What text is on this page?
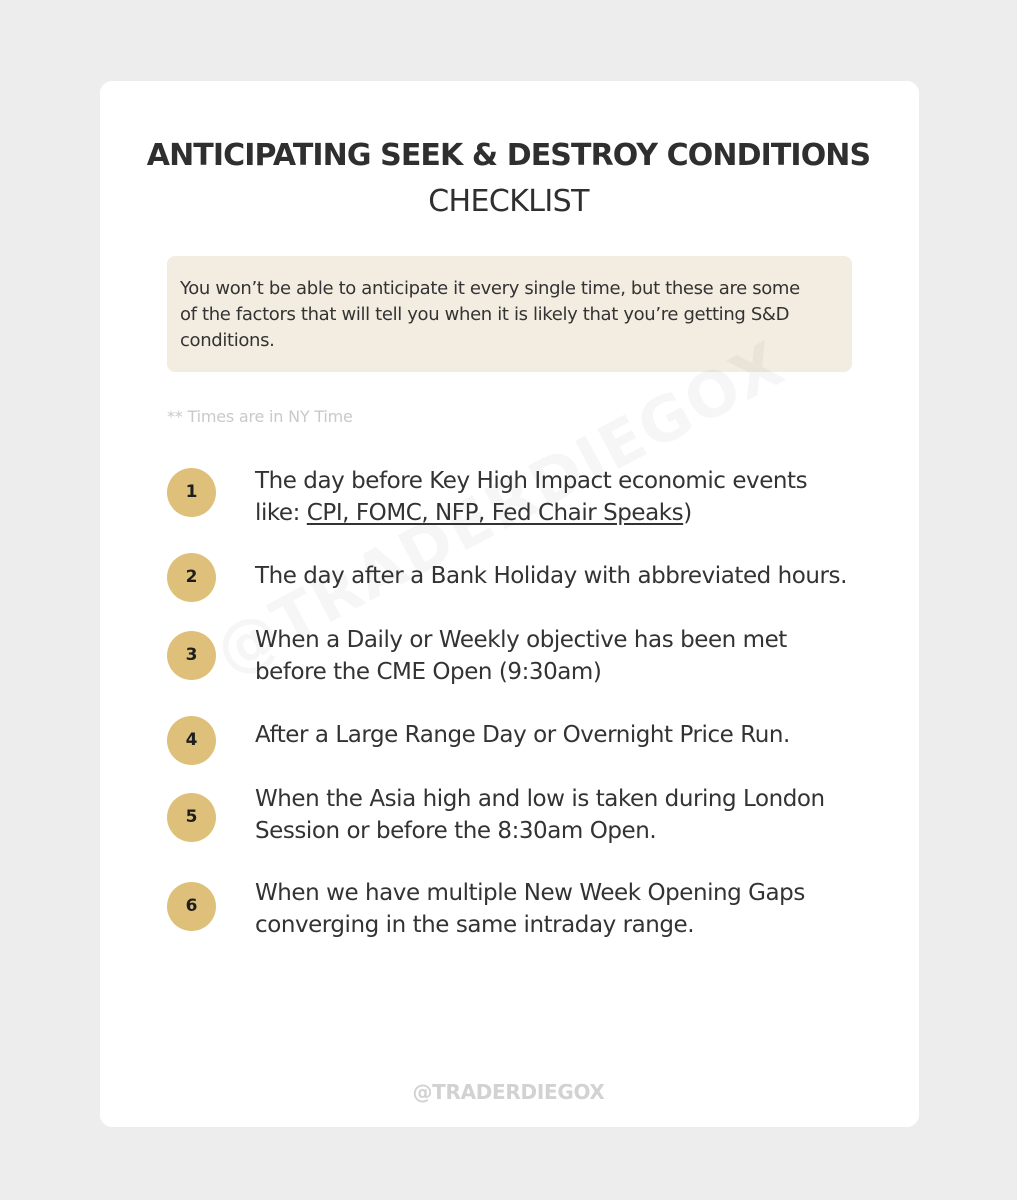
ANTICIPATING SEEK & DESTROY CONDITIONS
CHECKLIST
You won’t be able to anticipate it every single time, but these are some
of the factors that will tell you when it is likely that you’re getting S&D
conditions.
** Times are in NY Time
1	The day before Key High Impact economic events
like: CPI, FOMC, NFP, Fed Chair Speaks)
2	The day after a Bank Holiday with abbreviated hours.
3
When a Daily or Weekly objective has been met
before the CME Open (9:30am)
4	After a Large Range Day or Overnight Price Run.
5
When the Asia high and low is taken during London
Session or before the 8:30am Open.
6	When we have multiple New Week Opening Gaps
converging in the same intraday range.
@TRADERDIEGOX
